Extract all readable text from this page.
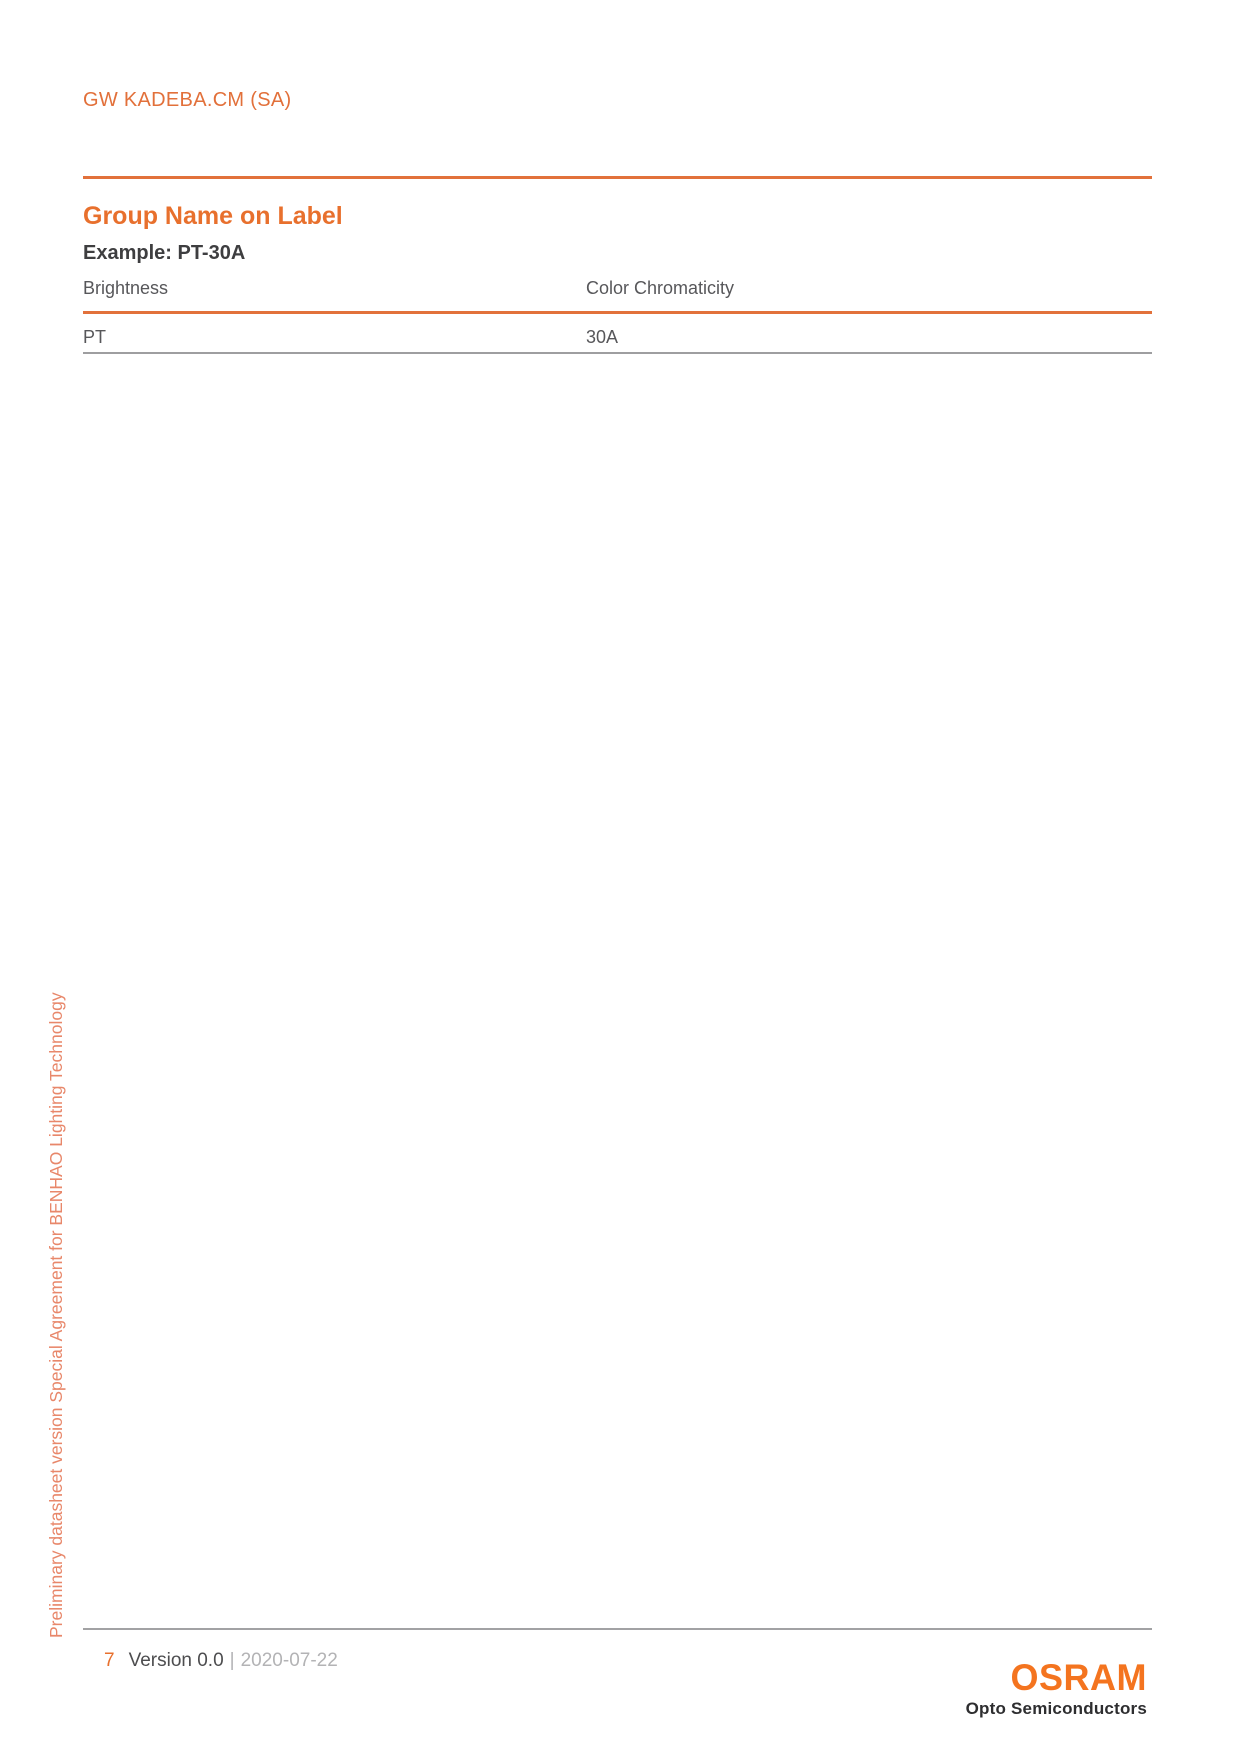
GW KADEBA.CM (SA)
Group Name on Label
Example: PT-30A
Brightness	Color Chromaticity
PT	30A
Preliminary datasheet version Special Agreement for BENHAO Lighting Technology
7 Version 0.0 | 2020-07-22	OSRAM
Opto Semiconductors
